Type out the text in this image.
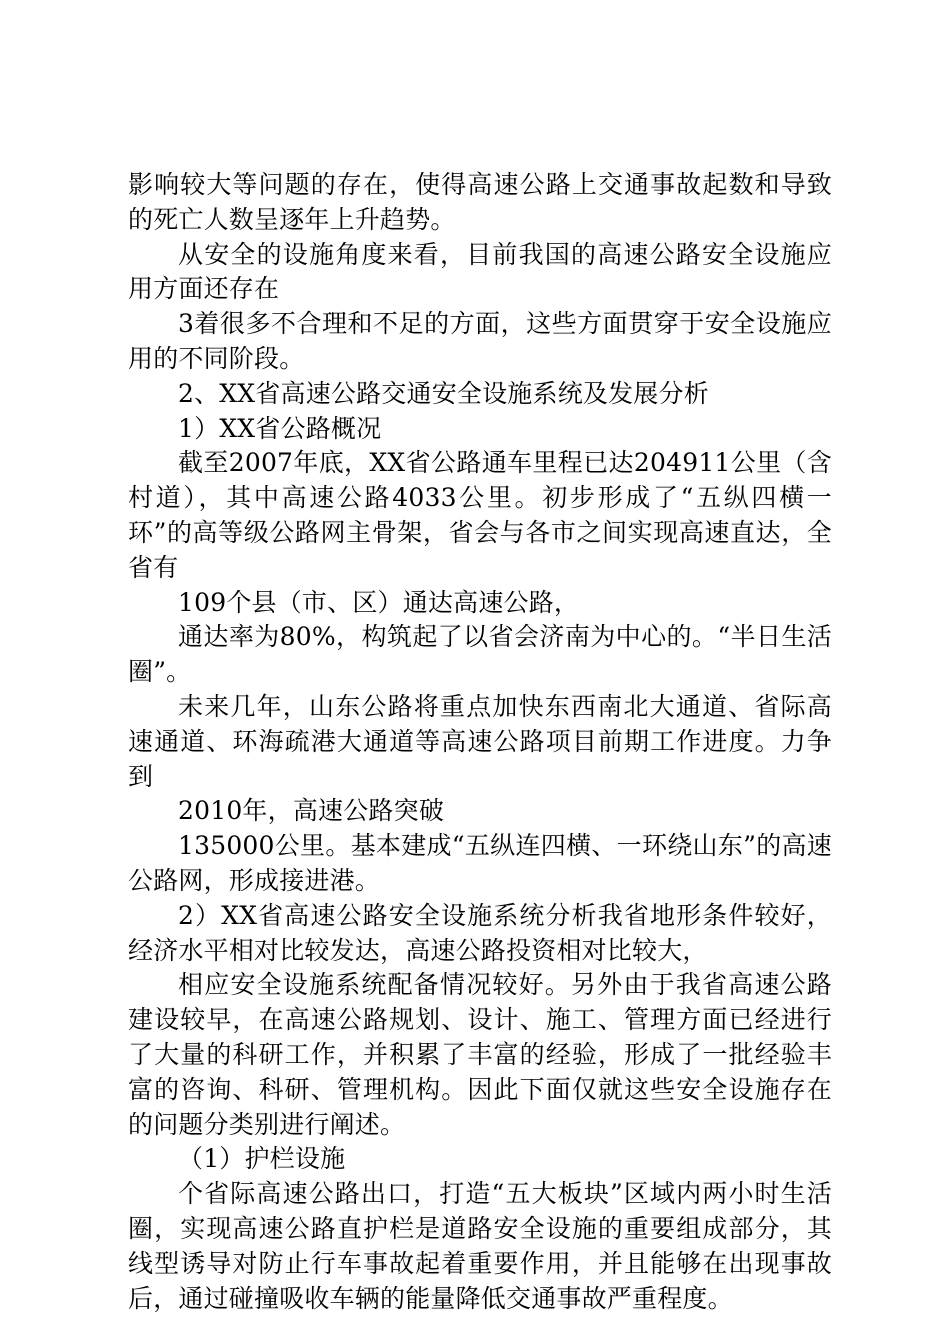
影响较大等问题的存在，使得高速公路上交通事故起数和导致的死亡人数呈逐年上升趋势。

从安全的设施角度来看，目前我国的高速公路安全设施应用方面还存在

3着很多不合理和不足的方面，这些方面贯穿于安全设施应用的不同阶段。

2、XX省高速公路交通安全设施系统及发展分析

1）XX省公路概况

截至2007年底，XX省公路通车里程已达204911公里（含村道），其中高速公路4033公里。初步形成了“五纵四横一环”的高等级公路网主骨架，省会与各市之间实现高速直达，全省有

109个县（市、区）通达高速公路，

通达率为80%，构筑起了以省会济南为中心的。“半日生活圈”。

未来几年，山东公路将重点加快东西南北大通道、省际高速通道、环海疏港大通道等高速公路项目前期工作进度。力争到

2010年，高速公路突破

135000公里。基本建成“五纵连四横、一环绕山东”的高速公路网，形成接进港。

2）XX省高速公路安全设施系统分析我省地形条件较好，经济水平相对比较发达，高速公路投资相对比较大，

相应安全设施系统配备情况较好。另外由于我省高速公路建设较早，在高速公路规划、设计、施工、管理方面已经进行了大量的科研工作，并积累了丰富的经验，形成了一批经验丰富的咨询、科研、管理机构。因此下面仅就这些安全设施存在的问题分类别进行阐述。

（1）护栏设施

个省际高速公路出口，打造“五大板块”区域内两小时生活圈，实现高速公路直护栏是道路安全设施的重要组成部分，其线型诱导对防止行车事故起着重要作用，并且能够在出现事故后，通过碰撞吸收车辆的能量降低交通事故严重程度。
